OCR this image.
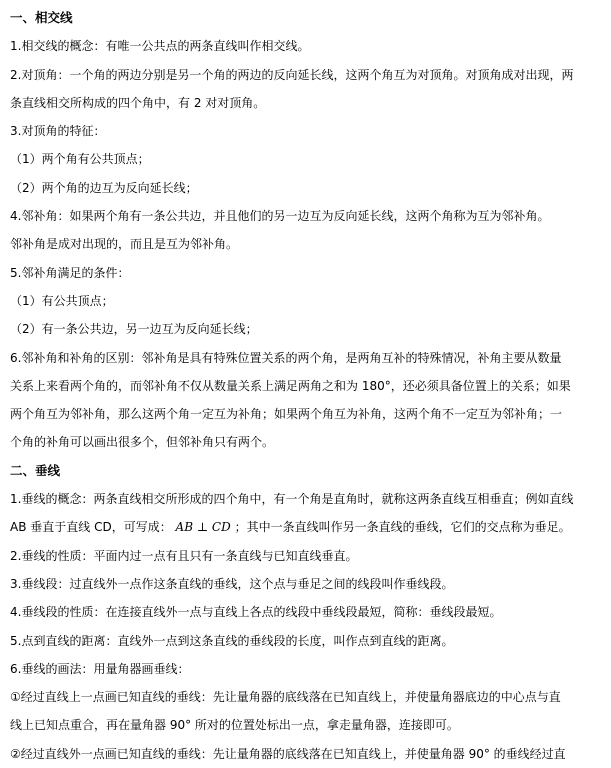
一、相交线
1.相交线的概念：有唯一公共点的两条直线叫作相交线。
2.对顶角：一个角的两边分别是另一个角的两边的反向延长线，这两个角互为对顶角。对顶角成对出现，两
条直线相交所构成的四个角中，有 2 对对顶角。
3.对顶角的特征：
（1）两个角有公共顶点；
（2）两个角的边互为反向延长线；
4.邻补角：如果两个角有一条公共边，并且他们的另一边互为反向延长线，这两个角称为互为邻补角。
邻补角是成对出现的，而且是互为邻补角。
5.邻补角满足的条件：
（1）有公共顶点；
（2）有一条公共边，另一边互为反向延长线；
6.邻补角和补角的区别：邻补角是具有特殊位置关系的两个角，是两角互补的特殊情况，补角主要从数量
关系上来看两个角的，而邻补角不仅从数量关系上满足两角之和为 180°，还必须具备位置上的关系；如果
两个角互为邻补角，那么这两个角一定互为补角；如果两个角互为补角，这两个角不一定互为邻补角；一
个角的补角可以画出很多个，但邻补角只有两个。
二、垂线
1.垂线的概念：两条直线相交所形成的四个角中，有一个角是直角时，就称这两条直线互相垂直；例如直线
AB 垂直于直线 CD，可写成： AB ⊥ CD ；其中一条直线叫作另一条直线的垂线，它们的交点称为垂足。
2.垂线的性质：平面内过一点有且只有一条直线与已知直线垂直。
3.垂线段：过直线外一点作这条直线的垂线，这个点与垂足之间的线段叫作垂线段。
4.垂线段的性质：在连接直线外一点与直线上各点的线段中垂线段最短，简称：垂线段最短。
5.点到直线的距离：直线外一点到这条直线的垂线段的长度，叫作点到直线的距离。
6.垂线的画法：用量角器画垂线：
①经过直线上一点画已知直线的垂线：先让量角器的底线落在已知直线上，并使量角器底边的中心点与直
线上已知点重合，再在量角器 90° 所对的位置处标出一点，拿走量角器，连接即可。
②经过直线外一点画已知直线的垂线：先让量角器的底线落在已知直线上，并使量角器 90° 的垂线经过直
